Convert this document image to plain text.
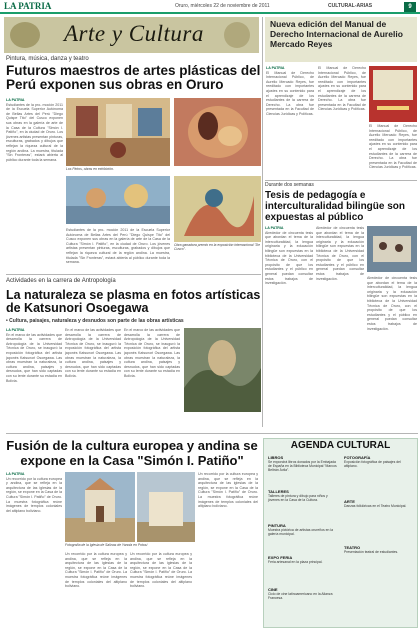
LA PATRIA	Oruro, miércoles 22 de noviembre de 2011	CULTURAL-ARIAS	9
Arte y Cultura
Pintura, música, danza y teatro
Futuros maestros de artes plásticas del Perú exponen sus obras en Oruro
LA PATRIA
Estudiantes de la pro- moción 2011 de la Escuela Superior Autónoma de Bellas Artes del Perú "Diego Quispe Tito" del Cusco exponen sus obras en la galería de arte de la Casa de la Cultura "Simón I. Patiño", en la ciudad de Oruro. Los jóvenes artistas presentan pinturas, esculturas, grabados y dibujos que reflejan la riqueza cultural de la región andina. La muestra, titulada "Sin Fronteras", estará abierta al público durante toda la semana.
Los Pintos, obras en exhibición.
Obra ganadora premio en la exposición internacional "De Cusco".
Estudiantes de la pro- moción 2011 de la Escuela Superior Autónoma de Bellas Artes del Perú "Diego Quispe Tito" del Cusco exponen sus obras en la galería de arte de la Casa de la Cultura "Simón I. Patiño", en la ciudad de Oruro. Los jóvenes artistas presentan pinturas, esculturas, grabados y dibujos que reflejan la riqueza cultural de la región andina. La muestra, titulada "Sin Fronteras", estará abierta al público durante toda la semana.
Actividades en la carrera de Antropología
La naturaleza se plasma en fotos artísticas de Katsunori Osoegawa
• Cultura, paisajes, naturaleza y desnudos son parte de las obras artísticas
LA PATRIA
En el marco de las actividades que desarrolla la carrera de Antropología de la Universidad Técnica de Oruro, se inauguró la exposición fotográfica del artista japonés Katsunori Osoegawa. Las obras muestran la naturaleza, la cultura andina, paisajes y desnudos, que han sido captadas con su lente durante su estadía en Bolivia.
En el marco de las actividades que desarrolla la carrera de Antropología de la Universidad Técnica de Oruro, se inauguró la exposición fotográfica del artista japonés Katsunori Osoegawa. Las obras muestran la naturaleza, la cultura andina, paisajes y desnudos, que han sido captadas con su lente durante su estadía en Bolivia.
En el marco de las actividades que desarrolla la carrera de Antropología de la Universidad Técnica de Oruro, se inauguró la exposición fotográfica del artista japonés Katsunori Osoegawa. Las obras muestran la naturaleza, la cultura andina, paisajes y desnudos, que han sido captadas con su lente durante su estadía en Bolivia.
Nueva edición del Manual de Derecho Internacional de Aurelio Mercado Reyes
LA PATRIA
El Manual de Derecho Internacional Público, de Aurelio Mercado Reyes, fue reeditado con importantes ajustes en su contenido para el aprendizaje de los estudiantes de la carrera de Derecho. La obra fue presentada en la Facultad de Ciencias Jurídicas y Políticas.
El Manual de Derecho Internacional Público, de Aurelio Mercado Reyes, fue reeditado con importantes ajustes en su contenido para el aprendizaje de los estudiantes de la carrera de Derecho. La obra fue presentada en la Facultad de Ciencias Jurídicas y Políticas.
El Manual de Derecho Internacional Público, de Aurelio Mercado Reyes, fue reeditado con importantes ajustes en su contenido para el aprendizaje de los estudiantes de la carrera de Derecho. La obra fue presentada en la Facultad de Ciencias Jurídicas y Políticas.
Durante dos semanas
Tesis de pedagogía e interculturalidad bilingüe son expuestas al público
LA PATRIA
Alrededor de cincuenta tesis que abordan el tema de la interculturalidad, la lengua originaria y la educación bilingüe son expuestas en la biblioteca de la Universidad Técnica de Oruro, con el propósito de que los estudiantes y el público en general puedan consultar estos trabajos de investigación.
Alrededor de cincuenta tesis que abordan el tema de la interculturalidad, la lengua originaria y la educación bilingüe son expuestas en la biblioteca de la Universidad Técnica de Oruro, con el propósito de que los estudiantes y el público en general puedan consultar estos trabajos de investigación.	Alrededor de cincuenta tesis que abordan el tema de la interculturalidad, la lengua originaria y la educación bilingüe son expuestas en la biblioteca de la Universidad Técnica de Oruro, con el propósito de que los estudiantes y el público en general puedan consultar estos trabajos de investigación.
Fusión de la cultura europea y andina se expone en la Casa "Simón I. Patiño"
LA PATRIA
Un recorrido por la cultura europea y andina, que se refleja en la arquitectura de las iglesias de la región, se expone en la Casa de la Cultura "Simón I. Patiño" de Oruro. La muestra fotográfica reúne imágenes de templos coloniales del altiplano boliviano.
Fotografía de la Iglesia de Salinas de Yanola en Potosí
Un recorrido por la cultura europea y andina, que se refleja en la arquitectura de las iglesias de la región, se expone en la Casa de la Cultura "Simón I. Patiño" de Oruro. La muestra fotográfica reúne imágenes de templos coloniales del altiplano boliviano.
Un recorrido por la cultura europea y andina, que se refleja en la arquitectura de las iglesias de la región, se expone en la Casa de la Cultura "Simón I. Patiño" de Oruro. La muestra fotográfica reúne imágenes de templos coloniales del altiplano boliviano.
Un recorrido por la cultura europea y andina, que se refleja en la arquitectura de las iglesias de la región, se expone en la Casa de la Cultura "Simón I. Patiño" de Oruro. La muestra fotográfica reúne imágenes de templos coloniales del altiplano boliviano.
AGENDA CULTURAL
LIBROS
Se expondrá libros donados por la Embajada de España en la Biblioteca Municipal "Marcos Beltrán Ávila".
TALLERES
Talleres de pintura y dibujo para niños y jóvenes en la Casa de la Cultura.
PINTURA
Muestra pictórica de artistas orureños en la galería municipal.
EXPO FERIA
Feria artesanal en la plaza principal.
CINE
Ciclo de cine latinoamericano en la Alianza Francesa.
FOTOGRAFÍA
Exposición fotográfica de paisajes del altiplano.
ARTE
Danzas folklóricas en el Teatro Municipal.
TEATRO
Presentación teatral de estudiantes.
